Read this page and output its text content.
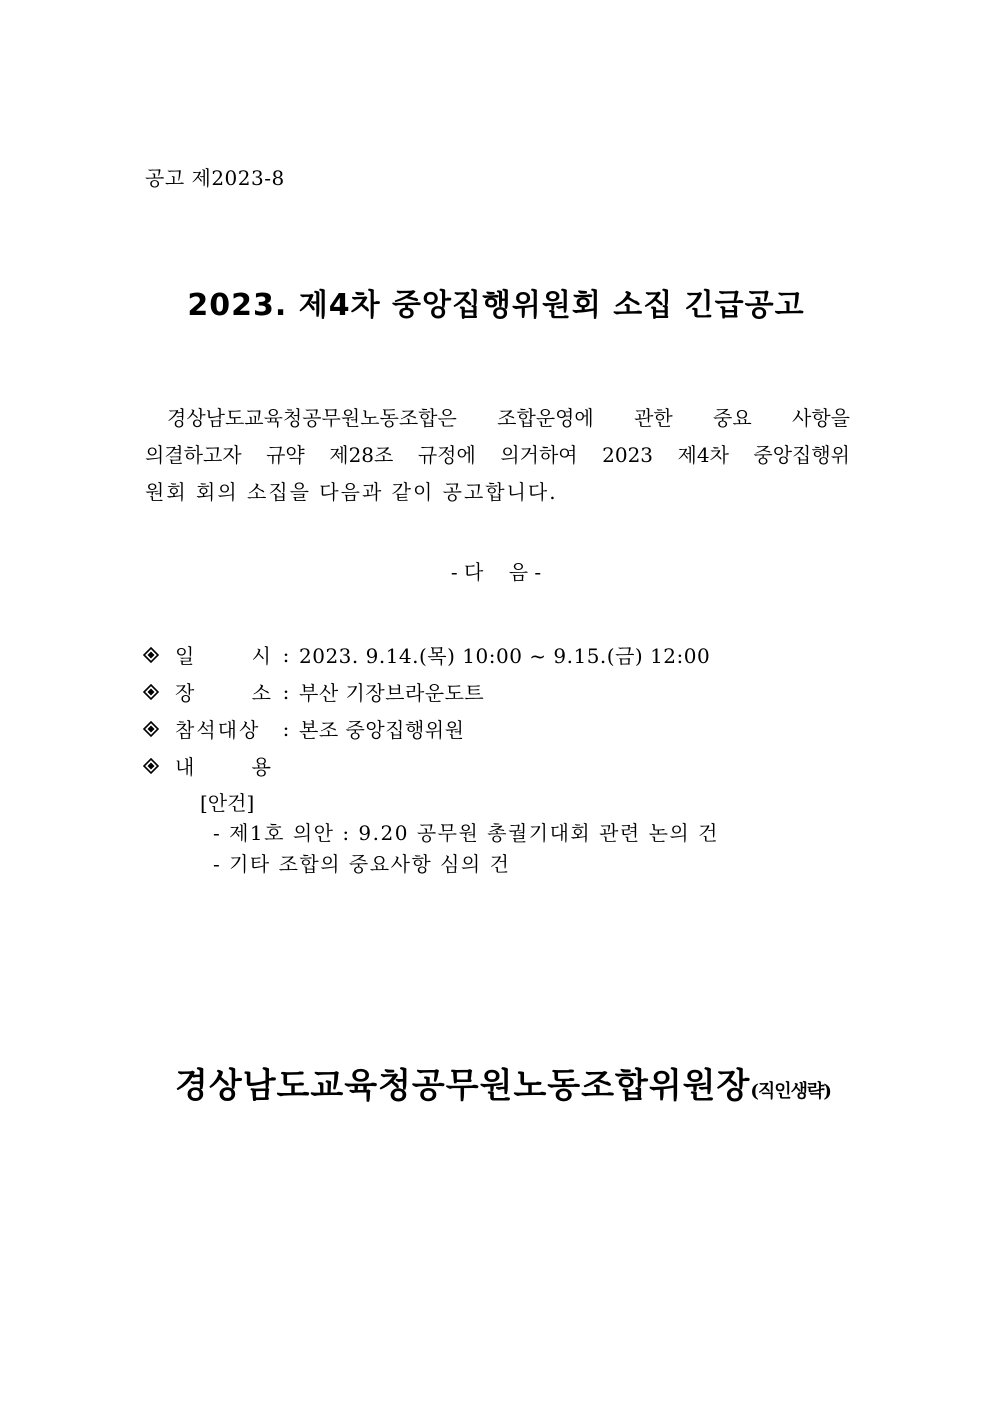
공고 제2023-8
2023. 제4차 중앙집행위원회 소집 긴급공고
경상남도교육청공무원노동조합은 조합운영에 관한 중요 사항을
의결하고자 규약 제28조 규정에 의거하여 2023 제4차 중앙집행위
원회 회의 소집을 다음과 같이 공고합니다.
- 다    음 -
일 시 : 2023. 9.14.(목) 10:00 ~ 9.15.(금) 12:00
장 소 : 부산 기장브라운도트
참석대상	: 본조 중앙집행위원
내 용
[안건]
- 제1호 의안 : 9.20 공무원 총궐기대회 관련 논의 건
- 기타 조합의 중요사항 심의 건
경상남도교육청공무원노동조합위원장 (직인생략)
